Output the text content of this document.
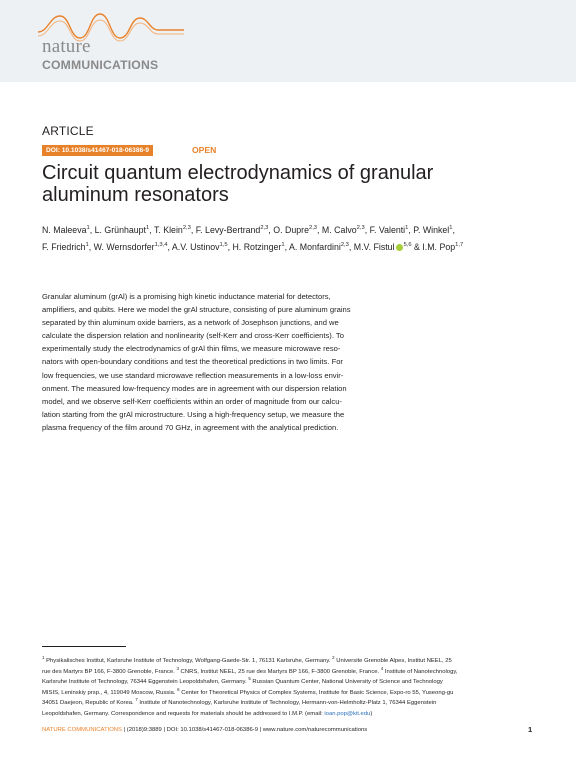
nature
COMMUNICATIONS
ARTICLE
DOI: 10.1038/s41467-018-06386-9	OPEN
Circuit quantum electrodynamics of granular
aluminum resonators
N. Maleeva$^1$, L. Grünhaupt$^1$, T. Klein$^{2,3}$, F. Levy-Bertrand$^{2,3}$, O. Dupre$^{2,3}$, M. Calvo$^{2,3}$, F. Valenti$^1$, P. Winkel$^1$,
F. Friedrich$^1$, W. Wernsdorfer$^{1,3,4}$, A.V. Ustinov$^{1,5}$, H. Rotzinger$^1$, A. Monfardini$^{2,3}$, M.V. Fistul $^{5,6}$ & I.M. Pop$^{1,7}$
Granular aluminum (grAl) is a promising high kinetic inductance material for detectors,
amplifiers, and qubits. Here we model the grAl structure, consisting of pure aluminum grains
separated by thin aluminum oxide barriers, as a network of Josephson junctions, and we
calculate the dispersion relation and nonlinearity (self-Kerr and cross-Kerr coefficients). To
experimentally study the electrodynamics of grAl thin films, we measure microwave reso-
nators with open-boundary conditions and test the theoretical predictions in two limits. For
low frequencies, we use standard microwave reflection measurements in a low-loss envir-
onment. The measured low-frequency modes are in agreement with our dispersion relation
model, and we observe self-Kerr coefficients within an order of magnitude from our calcu-
lation starting from the grAl microstructure. Using a high-frequency setup, we measure the
plasma frequency of the film around 70 GHz, in agreement with the analytical prediction.
$^1$ Physikalisches Institut, Karlsruhe Institute of Technology, Wolfgang-Gaede-Str. 1, 76131 Karlsruhe, Germany. $^2$ Universite Grenoble Alpes, Institut NEEL, 25
rue des Martyrs BP 166, F-3800 Grenoble, France. $^3$ CNRS, Institut NEEL, 25 rue des Martyrs BP 166, F-3800 Grenoble, France. $^4$ Institute of Nanotechnology,
Karlsruhe Institute of Technology, 76344 Eggenstein Leopoldshafen, Germany. $^5$ Russian Quantum Center, National University of Science and Technology
MISIS, Leninskiy prsp., 4, 119049 Moscow, Russia. $^6$ Center for Theoretical Physics of Complex Systems, Institute for Basic Science, Expo-ro 55, Yuseong-gu
34051 Daejeon, Republic of Korea. $^7$ Institute of Nanotechnology, Karlsruhe Institute of Technology, Hermann-von-Helmholtz-Platz 1, 76344 Eggenstein
Leopoldshafen, Germany. Correspondence and requests for materials should be addressed to I.M.P. (email: ioan.pop@kit.edu)
NATURE COMMUNICATIONS | (2018)9:3889 | DOI: 10.1038/s41467-018-06386-9 | www.nature.com/naturecommunications	1
